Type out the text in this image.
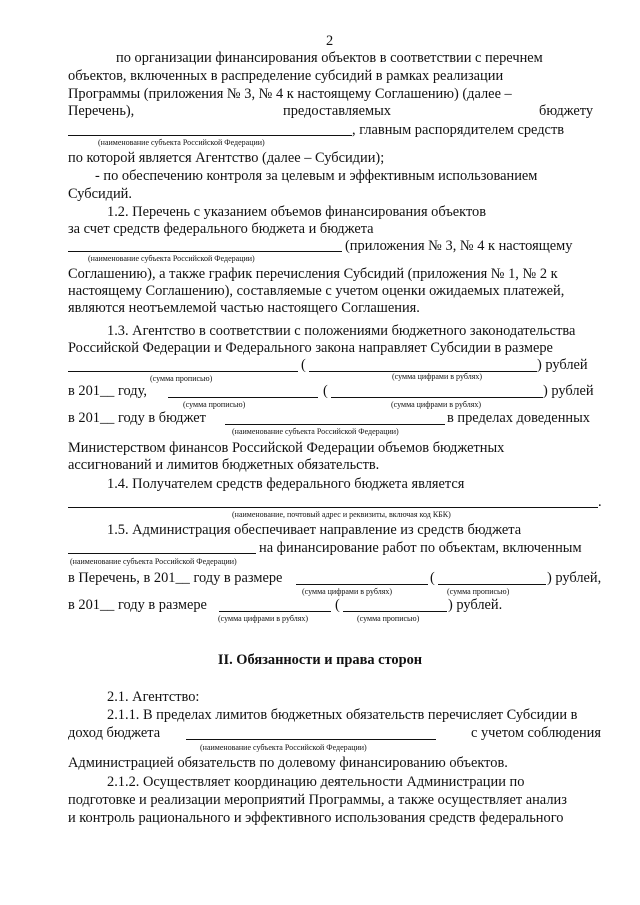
2
по организации финансирования объектов в соответствии с перечнем
объектов, включенных в распределение субсидий в рамках реализации
Программы (приложения № 3, № 4 к настоящему Соглашению) (далее –
Перечень),	предоставляемых	бюджету
, главным распорядителем средств
(наименование субъекта Российской Федерации)
по которой является Агентство (далее – Субсидии);
- по обеспечению контроля за целевым и эффективным использованием
Субсидий.
1.2. Перечень с указанием объемов финансирования объектов
за счет средств федерального бюджета и бюджета
(приложения № 3, № 4 к настоящему
(наименование субъекта Российской Федерации)
Соглашению), а также график перечисления Субсидий (приложения № 1, № 2 к
настоящему Соглашению), составляемые с учетом оценки ожидаемых платежей,
являются неотъемлемой частью настоящего Соглашения.
1.3. Агентство в соответствии с положениями бюджетного законодательства
Российской Федерации и Федерального закона направляет Субсидии в размере
(	) рублей
(сумма прописью)	(сумма цифрами в рублях)
в 201__ году,	(	) рублей
(сумма прописью)	(сумма цифрами в рублях)
в 201__ году в бюджет	в пределах доведенных
(наименование субъекта Российской Федерации)
Министерством финансов Российской Федерации объемов бюджетных
ассигнований и лимитов бюджетных обязательств.
1.4. Получателем средств федерального бюджета является
.
(наименование, почтовый адрес и реквизиты, включая код КБК)
1.5. Администрация обеспечивает направление из средств бюджета
на финансирование работ по объектам, включенным
(наименование субъекта Российской Федерации)
в Перечень, в 201__ году в размере	(	) рублей,
(сумма цифрами в рублях)	(сумма прописью)
в 201__ году в размере	(	) рублей.
(сумма цифрами в рублях)	(сумма прописью)
II. Обязанности и права сторон
2.1. Агентство:
2.1.1. В пределах лимитов бюджетных обязательств перечисляет Субсидии в
доход бюджета	с учетом соблюдения
(наименование субъекта Российской Федерации)
Администрацией обязательств по долевому финансированию объектов.
2.1.2. Осуществляет координацию деятельности Администрации по
подготовке и реализации мероприятий Программы, а также осуществляет анализ
и контроль рационального и эффективного использования средств федерального
